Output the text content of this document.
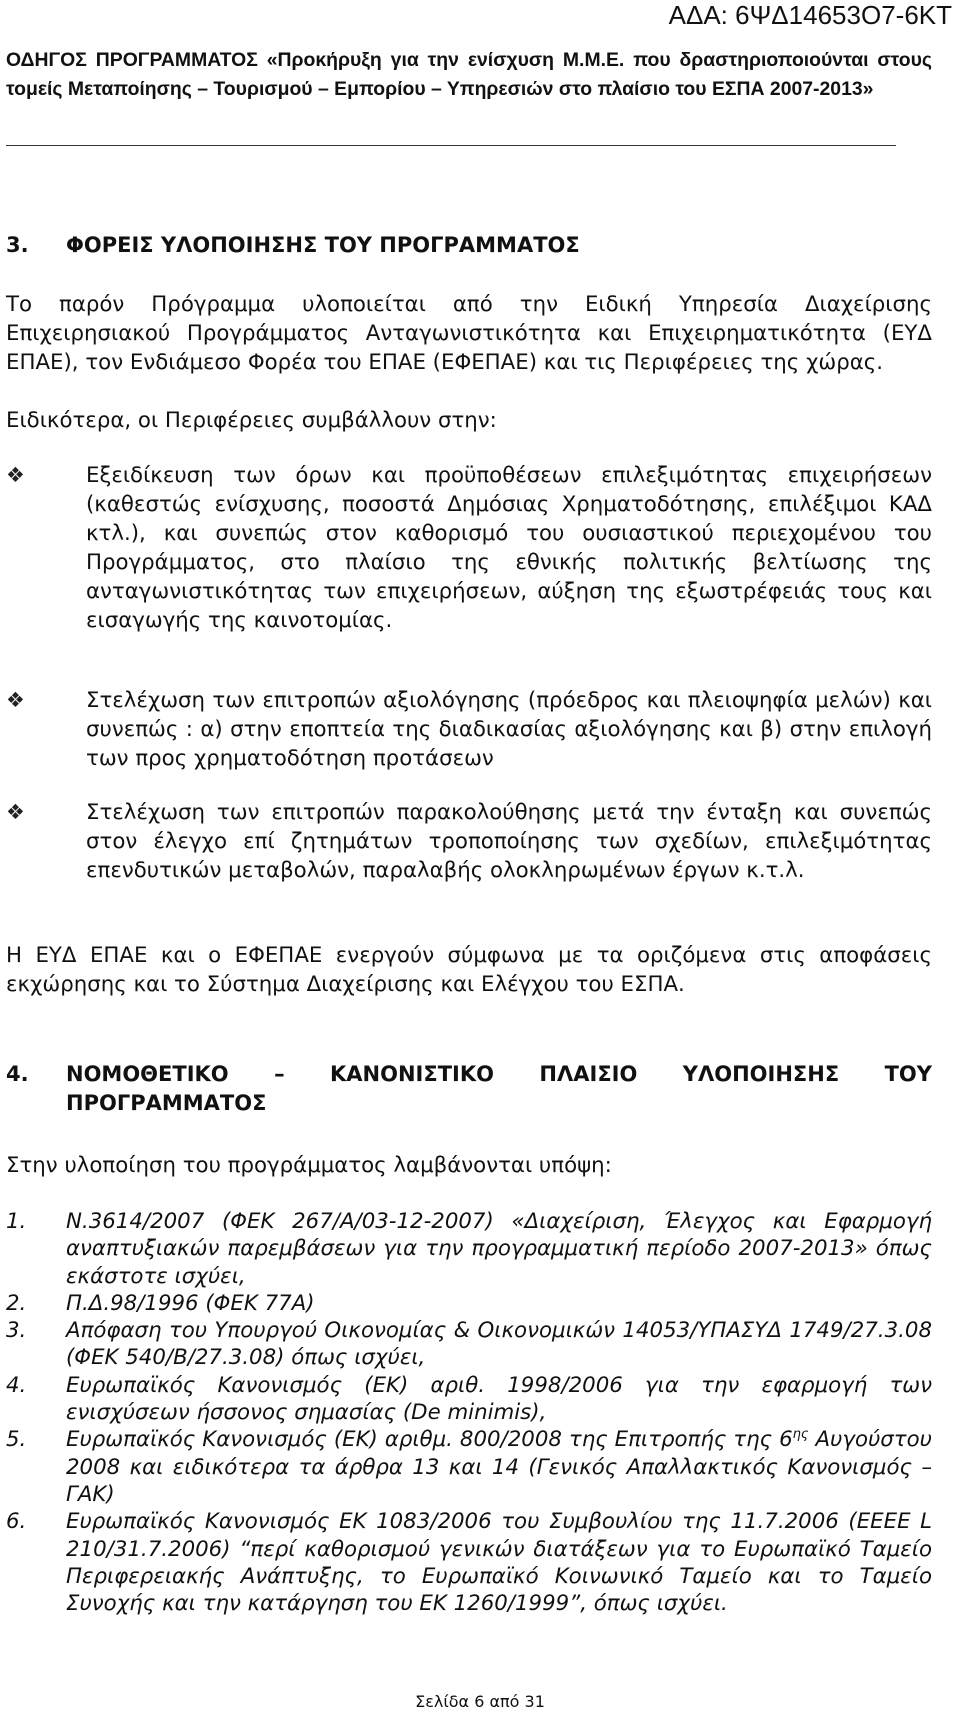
ΑΔΑ: 6ΨΔ14653Ο7-6ΚΤ
ΟΔΗΓΟΣ ΠΡΟΓΡΑΜΜΑΤΟΣ «Προκήρυξη για την ενίσχυση Μ.Μ.Ε. που δραστηριοποιούνται στους τομείς Μεταποίησης – Τουρισμού – Εμπορίου – Υπηρεσιών στο πλαίσιο του ΕΣΠΑ 2007-2013»
3. ΦΟΡΕΙΣ ΥΛΟΠΟΙΗΣΗΣ ΤΟΥ ΠΡΟΓΡΑΜΜΑΤΟΣ
Το παρόν Πρόγραμμα υλοποιείται από την Ειδική Υπηρεσία Διαχείρισης Επιχειρησιακού Προγράμματος Ανταγωνιστικότητα και Επιχειρηματικότητα (ΕΥΔ ΕΠΑΕ), τον Ενδιάμεσο Φορέα του ΕΠΑΕ (ΕΦΕΠΑΕ) και τις Περιφέρειες της χώρας.
Ειδικότερα, οι Περιφέρειες συμβάλλουν στην:
❖	Εξειδίκευση των όρων και προϋποθέσεων επιλεξιμότητας επιχειρήσεων (καθεστώς ενίσχυσης, ποσοστά Δημόσιας Χρηματοδότησης, επιλέξιμοι ΚΑΔ κτλ.), και συνεπώς στον καθορισμό του ουσιαστικού περιεχομένου του Προγράμματος, στο πλαίσιο της εθνικής πολιτικής βελτίωσης της ανταγωνιστικότητας των επιχειρήσεων, αύξηση της εξωστρέφειάς τους και εισαγωγής της καινοτομίας.
❖	Στελέχωση των επιτροπών αξιολόγησης (πρόεδρος και πλειοψηφία μελών) και συνεπώς : α) στην εποπτεία της διαδικασίας αξιολόγησης και β) στην επιλογή των προς χρηματοδότηση προτάσεων
❖	Στελέχωση των επιτροπών παρακολούθησης μετά την ένταξη και συνεπώς στον έλεγχο επί ζητημάτων τροποποίησης των σχεδίων, επιλεξιμότητας επενδυτικών μεταβολών, παραλαβής ολοκληρωμένων έργων κ.τ.λ.
Η ΕΥΔ ΕΠΑΕ και ο ΕΦΕΠΑΕ ενεργούν σύμφωνα με τα οριζόμενα στις αποφάσεις εκχώρησης και το Σύστημα Διαχείρισης και Ελέγχου του ΕΣΠΑ.
4.	ΝΟΜΟΘΕΤΙΚΟ – ΚΑΝΟΝΙΣΤΙΚΟ ΠΛΑΙΣΙΟ ΥΛΟΠΟΙΗΣΗΣ ΤΟΥ ΠΡΟΓΡΑΜΜΑΤΟΣ
Στην υλοποίηση του προγράμματος λαμβάνονται υπόψη:
1.	Ν.3614/2007 (ΦΕΚ 267/Α/03-12-2007) «Διαχείριση, Έλεγχος και Εφαρμογή αναπτυξιακών παρεμβάσεων για την προγραμματική περίοδο 2007-2013» όπως εκάστοτε ισχύει,
2.	Π.Δ.98/1996 (ΦΕΚ 77Α)
3.	Απόφαση του Υπουργού Οικονομίας & Οικονομικών 14053/ΥΠΑΣΥΔ 1749/27.3.08 (ΦΕΚ 540/Β/27.3.08) όπως ισχύει,
4.	Ευρωπαϊκός Κανονισμός (ΕΚ) αριθ. 1998/2006 για την εφαρμογή των ενισχύσεων ήσσονος σημασίας (De minimis),
5.	Ευρωπαϊκός Κανονισμός (ΕΚ) αριθμ. 800/2008 της Επιτροπής της $6^{\eta\varsigma}$ Αυγούστου 2008 και ειδικότερα τα άρθρα 13 και 14 (Γενικός Απαλλακτικός Κανονισμός – ΓΑΚ)
6.	Ευρωπαϊκός Κανονισμός ΕΚ 1083/2006 του Συμβουλίου της 11.7.2006 (ΕΕΕΕ L 210/31.7.2006) “περί καθορισμού γενικών διατάξεων για το Ευρωπαϊκό Ταμείο Περιφερειακής Ανάπτυξης, το Ευρωπαϊκό Κοινωνικό Ταμείο και το Ταμείο Συνοχής και την κατάργηση του ΕΚ 1260/1999”, όπως ισχύει.
Σελίδα 6 από 31
